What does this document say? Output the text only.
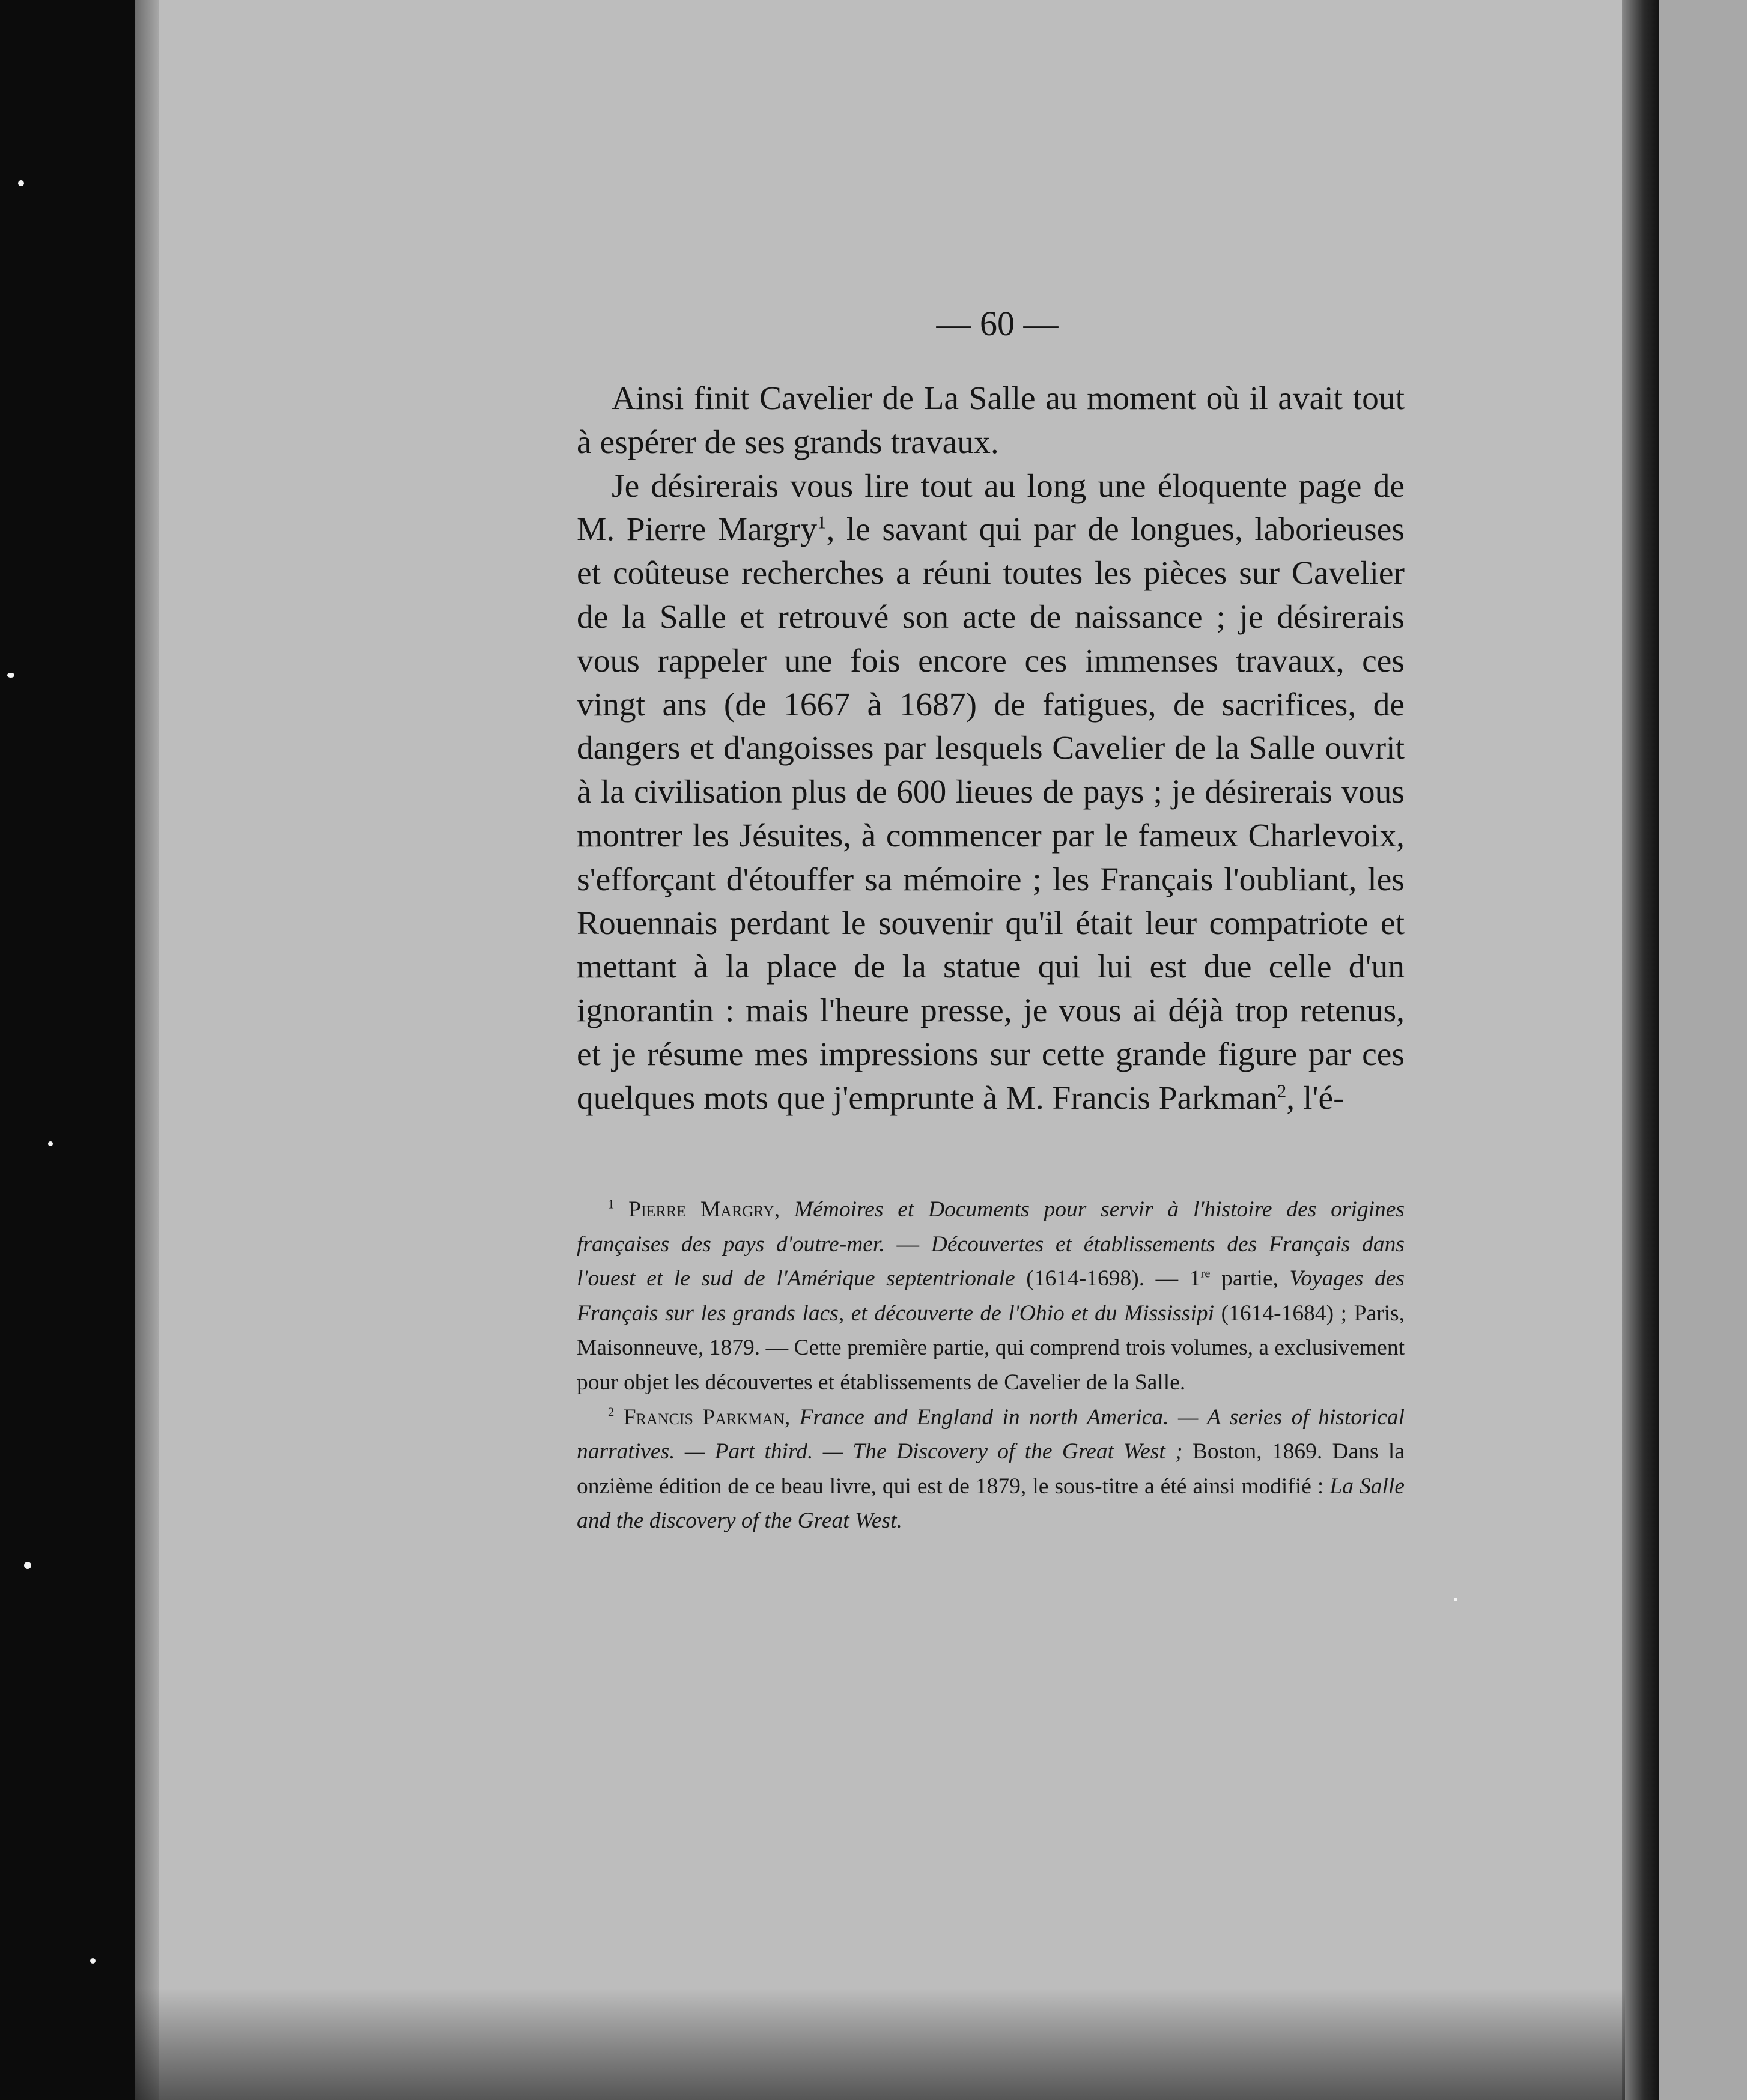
— 60 —

Ainsi finit Cavelier de La Salle au moment où il avait tout à espérer de ses grands travaux.

Je désirerais vous lire tout au long une éloquente page de M. Pierre Margry$^1$, le savant qui par de longues, laborieuses et coûteuse recherches a réuni toutes les pièces sur Cavelier de la Salle et retrouvé son acte de naissance ; je désirerais vous rappeler une fois encore ces immenses travaux, ces vingt ans (de 1667 à 1687) de fatigues, de sacrifices, de dangers et d'angoisses par lesquels Cavelier de la Salle ouvrit à la civilisation plus de 600 lieues de pays ; je désirerais vous montrer les Jésuites, à commencer par le fameux Charlevoix, s'efforçant d'étouffer sa mémoire ; les Français l'oubliant, les Rouennais perdant le souvenir qu'il était leur compatriote et mettant à la place de la statue qui lui est due celle d'un ignorantin : mais l'heure presse, je vous ai déjà trop retenus, et je résume mes impressions sur cette grande figure par ces quelques mots que j'emprunte à M. Francis Parkman$^2$, l'é-

$^1$ Pierre Margry, Mémoires et Documents pour servir à l'histoire des origines françaises des pays d'outre-mer. — Découvertes et établissements des Français dans l'ouest et le sud de l'Amérique septentrionale (1614-1698). — 1re partie, Voyages des Français sur les grands lacs, et découverte de l'Ohio et du Mississipi (1614-1684) ; Paris, Maisonneuve, 1879. — Cette première partie, qui comprend trois volumes, a exclusivement pour objet les découvertes et établissements de Cavelier de la Salle.

$^2$ Francis Parkman, France and England in north America. — A series of historical narratives. — Part third. — The Discovery of the Great West ; Boston, 1869. Dans la onzième édition de ce beau livre, qui est de 1879, le sous-titre a été ainsi modifié : La Salle and the discovery of the Great West.
